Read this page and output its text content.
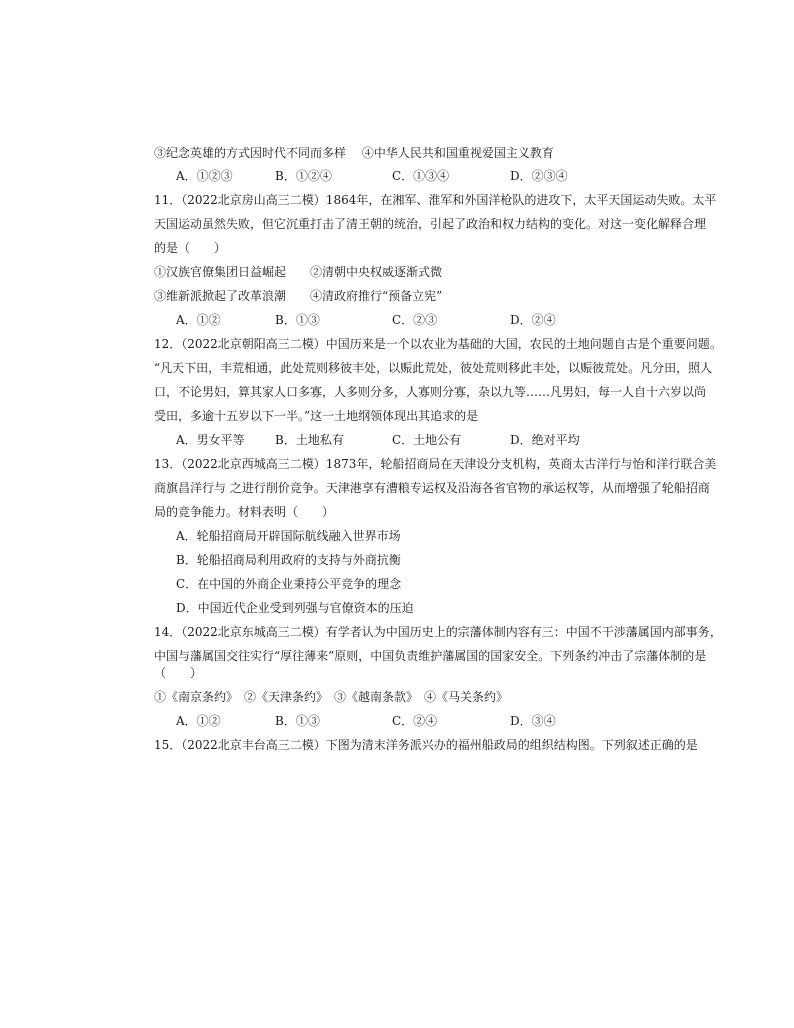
③纪念英雄的方式因时代不同而多样　 ④中华人民共和国重视爱国主义教育
A．①②③	B．①②④	C．①③④	D．②③④
11．（2022北京房山高三二模）1864年，在湘军、淮军和外国洋枪队的进攻下，太平天国运动失败。太平
天国运动虽然失败，但它沉重打击了清王朝的统治，引起了政治和权力结构的变化。对这一变化解释合理
的是（　　）
①汉族官僚集团日益崛起　　②清朝中央权威逐渐式微
③维新派掀起了改革浪潮　　④清政府推行“预备立宪”
A．①②	B．①③	C．②③	D．②④
12．（2022北京朝阳高三二模）中国历来是一个以农业为基础的大国，农民的土地问题自古是个重要问题。
“凡天下田，丰荒相通，此处荒则移彼丰处，以赈此荒处，彼处荒则移此丰处，以赈彼荒处。凡分田，照人
口，不论男妇，算其家人口多寡，人多则分多，人寡则分寡，杂以九等……凡男妇，每一人自十六岁以尚
受田，多逾十五岁以下一半。”这一土地纲领体现出其追求的是
A．男女平等	B．土地私有	C．土地公有	D．绝对平均
13．（2022北京西城高三二模）1873年，轮船招商局在天津设分支机构，英商太古洋行与怡和洋行联合美
商旗昌洋行与 之进行削价竞争。天津港享有漕粮专运权及沿海各省官物的承运权等，从而增强了轮船招商
局的竞争能力。材料表明（　　）
A．轮船招商局开辟国际航线融入世界市场
B．轮船招商局利用政府的支持与外商抗衡
C．在中国的外商企业秉持公平竞争的理念
D．中国近代企业受到列强与官僚资本的压迫
14．（2022北京东城高三二模）有学者认为中国历史上的宗藩体制内容有三：中国不干涉藩属国内部事务，
中国与藩属国交往实行“厚往薄来”原则，中国负责维护藩属国的国家安全。下列条约冲击了宗藩体制的是
（　　）
①《南京条约》　②《天津条约》　③《越南条款》　④《马关条约》
A．①②	B．①③	C．②④	D．③④
15．（2022北京丰台高三二模）下图为清末洋务派兴办的福州船政局的组织结构图。下列叙述正确的是
